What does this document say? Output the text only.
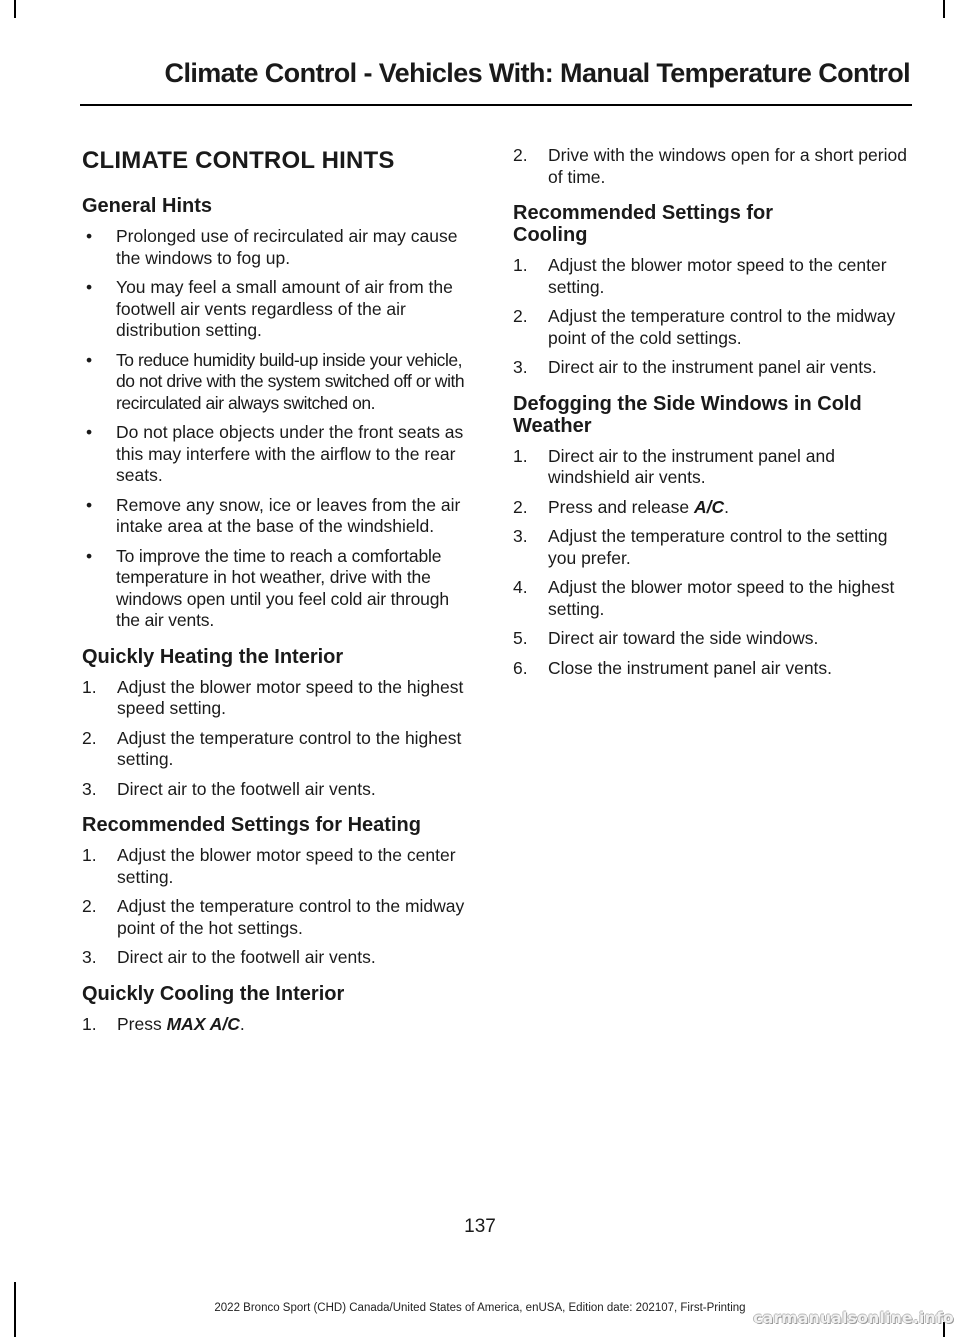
Climate Control - Vehicles With: Manual Temperature Control
CLIMATE CONTROL HINTS
General Hints
• Prolonged use of recirculated air may cause the windows to fog up.
• You may feel a small amount of air from the footwell air vents regardless of the air distribution setting.
• To reduce humidity build-up inside your vehicle, do not drive with the system switched off or with recirculated air always switched on.
• Do not place objects under the front seats as this may interfere with the airflow to the rear seats.
• Remove any snow, ice or leaves from the air intake area at the base of the windshield.
• To improve the time to reach a comfortable temperature in hot weather, drive with the windows open until you feel cold air through the air vents.
Quickly Heating the Interior
1. Adjust the blower motor speed to the highest speed setting.
2. Adjust the temperature control to the highest setting.
3. Direct air to the footwell air vents.
Recommended Settings for Heating
1. Adjust the blower motor speed to the center setting.
2. Adjust the temperature control to the midway point of the hot settings.
3. Direct air to the footwell air vents.
Quickly Cooling the Interior
1. Press MAX A/C.
2. Drive with the windows open for a short period of time.
Recommended Settings for Cooling
1. Adjust the blower motor speed to the center setting.
2. Adjust the temperature control to the midway point of the cold settings.
3. Direct air to the instrument panel air vents.
Defogging the Side Windows in Cold Weather
1. Direct air to the instrument panel and windshield air vents.
2. Press and release A/C.
3. Adjust the temperature control to the setting you prefer.
4. Adjust the blower motor speed to the highest setting.
5. Direct air toward the side windows.
6. Close the instrument panel air vents.

137

2022 Bronco Sport (CHD) Canada/United States of America, enUSA, Edition date: 202107, First-Printing

carmanualsonline.info
